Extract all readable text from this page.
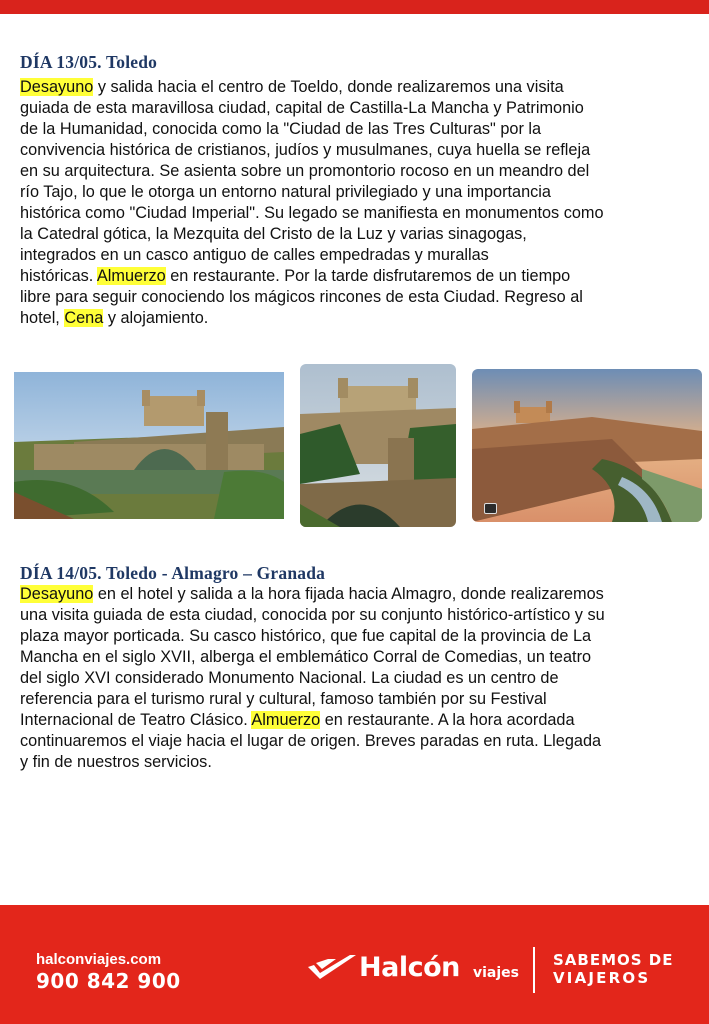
DÍA 13/05. Toledo
Desayuno y salida hacia el centro de Toeldo, donde realizaremos una visita
guiada de esta maravillosa ciudad, capital de Castilla-La Mancha y Patrimonio
de la Humanidad, conocida como la "Ciudad de las Tres Culturas" por la
convivencia histórica de cristianos, judíos y musulmanes, cuya huella se refleja
en su arquitectura. Se asienta sobre un promontorio rocoso en un meandro del
río Tajo, lo que le otorga un entorno natural privilegiado y una importancia
histórica como "Ciudad Imperial". Su legado se manifiesta en monumentos como
la Catedral gótica, la Mezquita del Cristo de la Luz y varias sinagogas,
integrados en un casco antiguo de calles empedradas y murallas
históricas. Almuerzo en restaurante. Por la tarde disfrutaremos de un tiempo
libre para seguir conociendo los mágicos rincones de esta Ciudad. Regreso al
hotel, Cena y alojamiento.
DÍA 14/05. Toledo - Almagro – Granada
Desayuno en el hotel y salida a la hora fijada hacia Almagro, donde realizaremos
una visita guiada de esta ciudad, conocida por su conjunto histórico-artístico y su
plaza mayor porticada. Su casco histórico, que fue capital de la provincia de La
Mancha en el siglo XVII, alberga el emblemático Corral de Comedias, un teatro
del siglo XVI considerado Monumento Nacional. La ciudad es un centro de
referencia para el turismo rural y cultural, famoso también por su Festival
Internacional de Teatro Clásico. Almuerzo en restaurante. A la hora acordada
continuaremos el viaje hacia el lugar de origen. Breves paradas en ruta. Llegada
y fin de nuestros servicios.
halconviajes.com
900 842 900	Halcón viajes
SABEMOS DE
VIAJEROS
